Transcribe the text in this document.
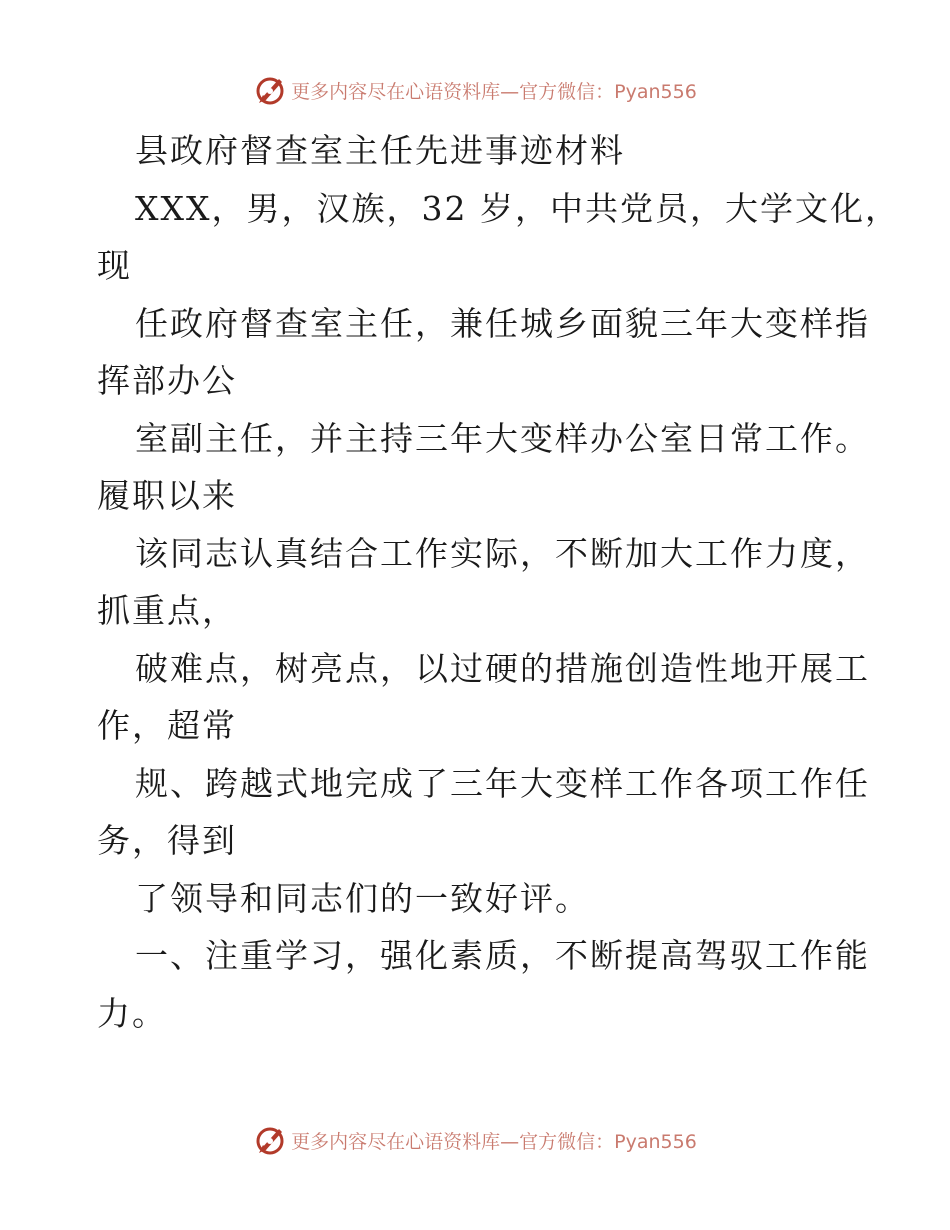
更多内容尽在心语资料库—官方微信：Pyan556
县政府督查室主任先进事迹材料
XXX，男，汉族，32 岁，中共党员，大学文化，
现
任政府督查室主任，兼任城乡面貌三年大变样指
挥部办公
室副主任，并主持三年大变样办公室日常工作。
履职以来
该同志认真结合工作实际，不断加大工作力度，
抓重点，
破难点，树亮点，以过硬的措施创造性地开展工
作，超常
规、跨越式地完成了三年大变样工作各项工作任
务，得到
了领导和同志们的一致好评。
一、注重学习，强化素质，不断提高驾驭工作能
力。
更多内容尽在心语资料库—官方微信：Pyan556
